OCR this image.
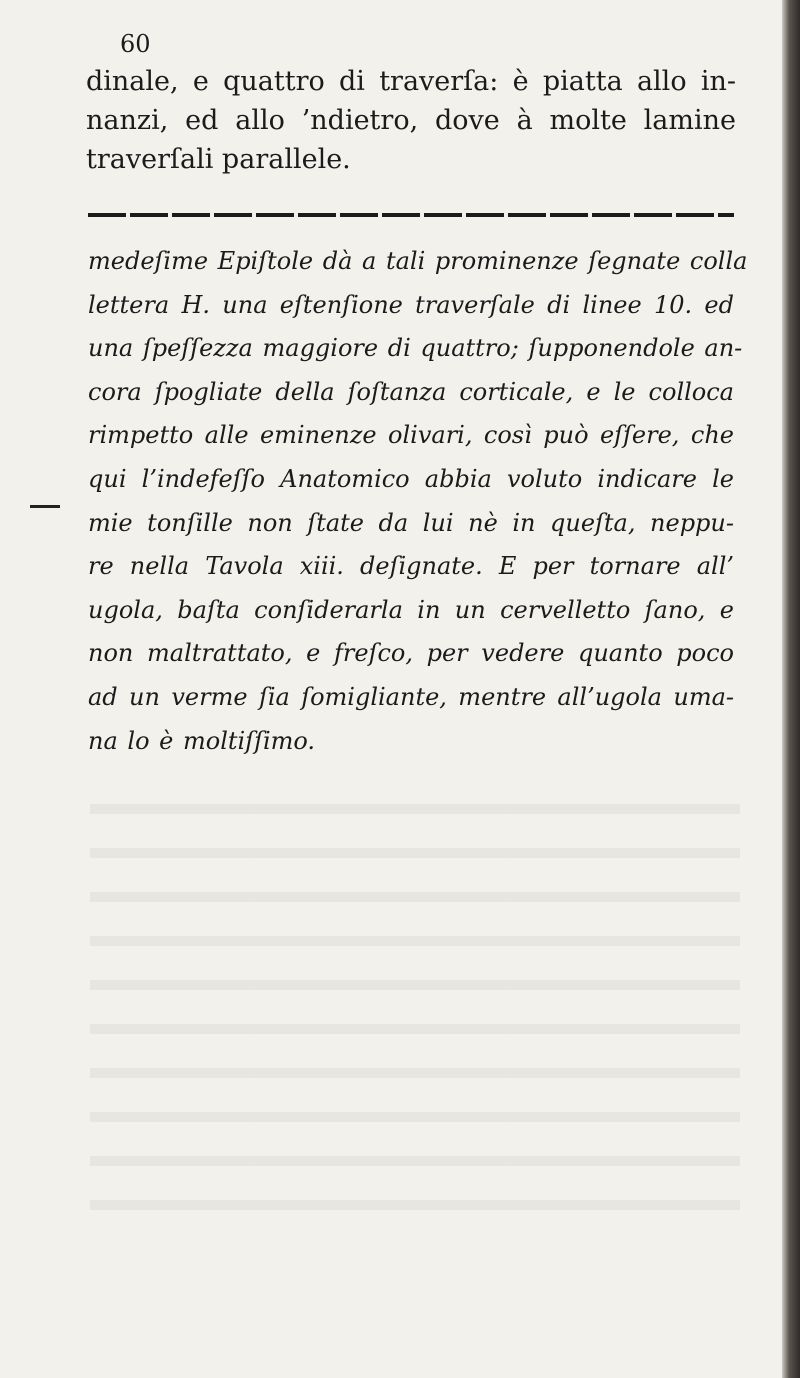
60
dinale, e quattro di traverſa: è piatta allo in-
nanzi, ed allo ’ndietro, dove à molte lamine
traverſali parallele.
medeſime Epiſtole dà a tali prominenze ſegnate colla
lettera H. una eſtenſione traverſale di linee 10. ed
una ſpeſſezza maggiore di quattro; ſupponendole an-
cora ſpogliate della ſoſtanza corticale, e le colloca
rimpetto alle eminenze olivari, così può eſſere, che
qui l’indefeſſo Anatomico abbia voluto indicare le
mie tonſille non ſtate da lui nè in queſta, neppu-
re nella Tavola xiii. deſignate. E per tornare all’
ugola, baſta conſiderarla in un cervelletto ſano, e
non maltrattato, e freſco, per vedere quanto poco
ad un verme ſia ſomigliante, mentre all’ugola uma-
na lo è moltiſſimo.
